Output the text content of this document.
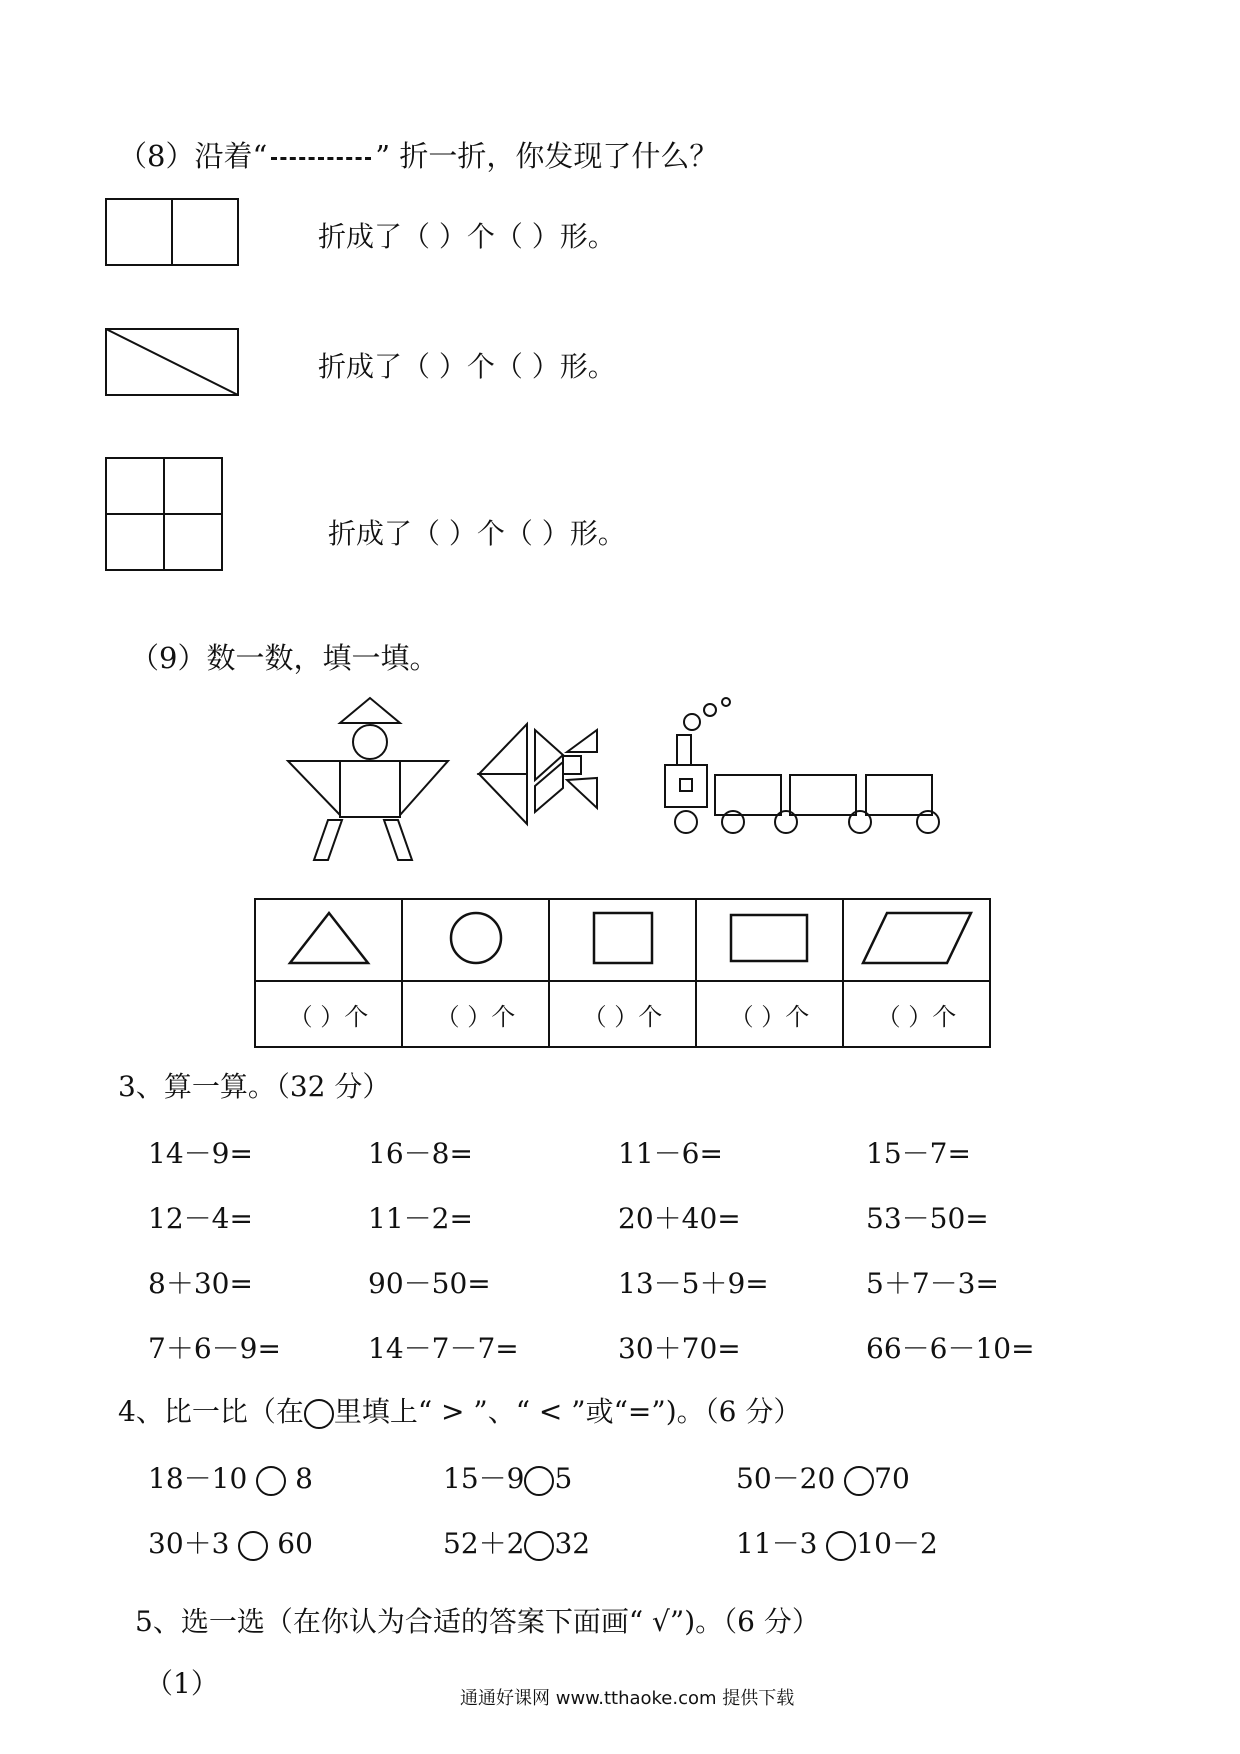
（8）沿着“	” 折一折，你发现了什么？
折成了（ ）个（ ）形。
折成了（ ）个（ ）形。
折成了（ ）个（ ）形。
（9）数一数，填一填。

（ ）个	（ ）个	（ ）个	（ ）个	（ ）个
3、算一算。（32 分）
14－9=	16－8=	11－6=	15－7=
12－4=	11－2=	20＋40=	53－50=
8＋30=	90－50=	13－5＋9=	5＋7－3=
7＋6－9=	14－7－7=	30＋70=	66－6－10=
4、比一比（在 里填上“ > ”、“ < ”或“=”)。（6 分）
18－10 8	15－9 5	50－20 70
30＋3 60	52＋2 32	11－3 10－2
5、选一选（在你认为合适的答案下面画“ √”)。（6 分）
（1）	通通好课网 www.tthaoke.com 提供下载
